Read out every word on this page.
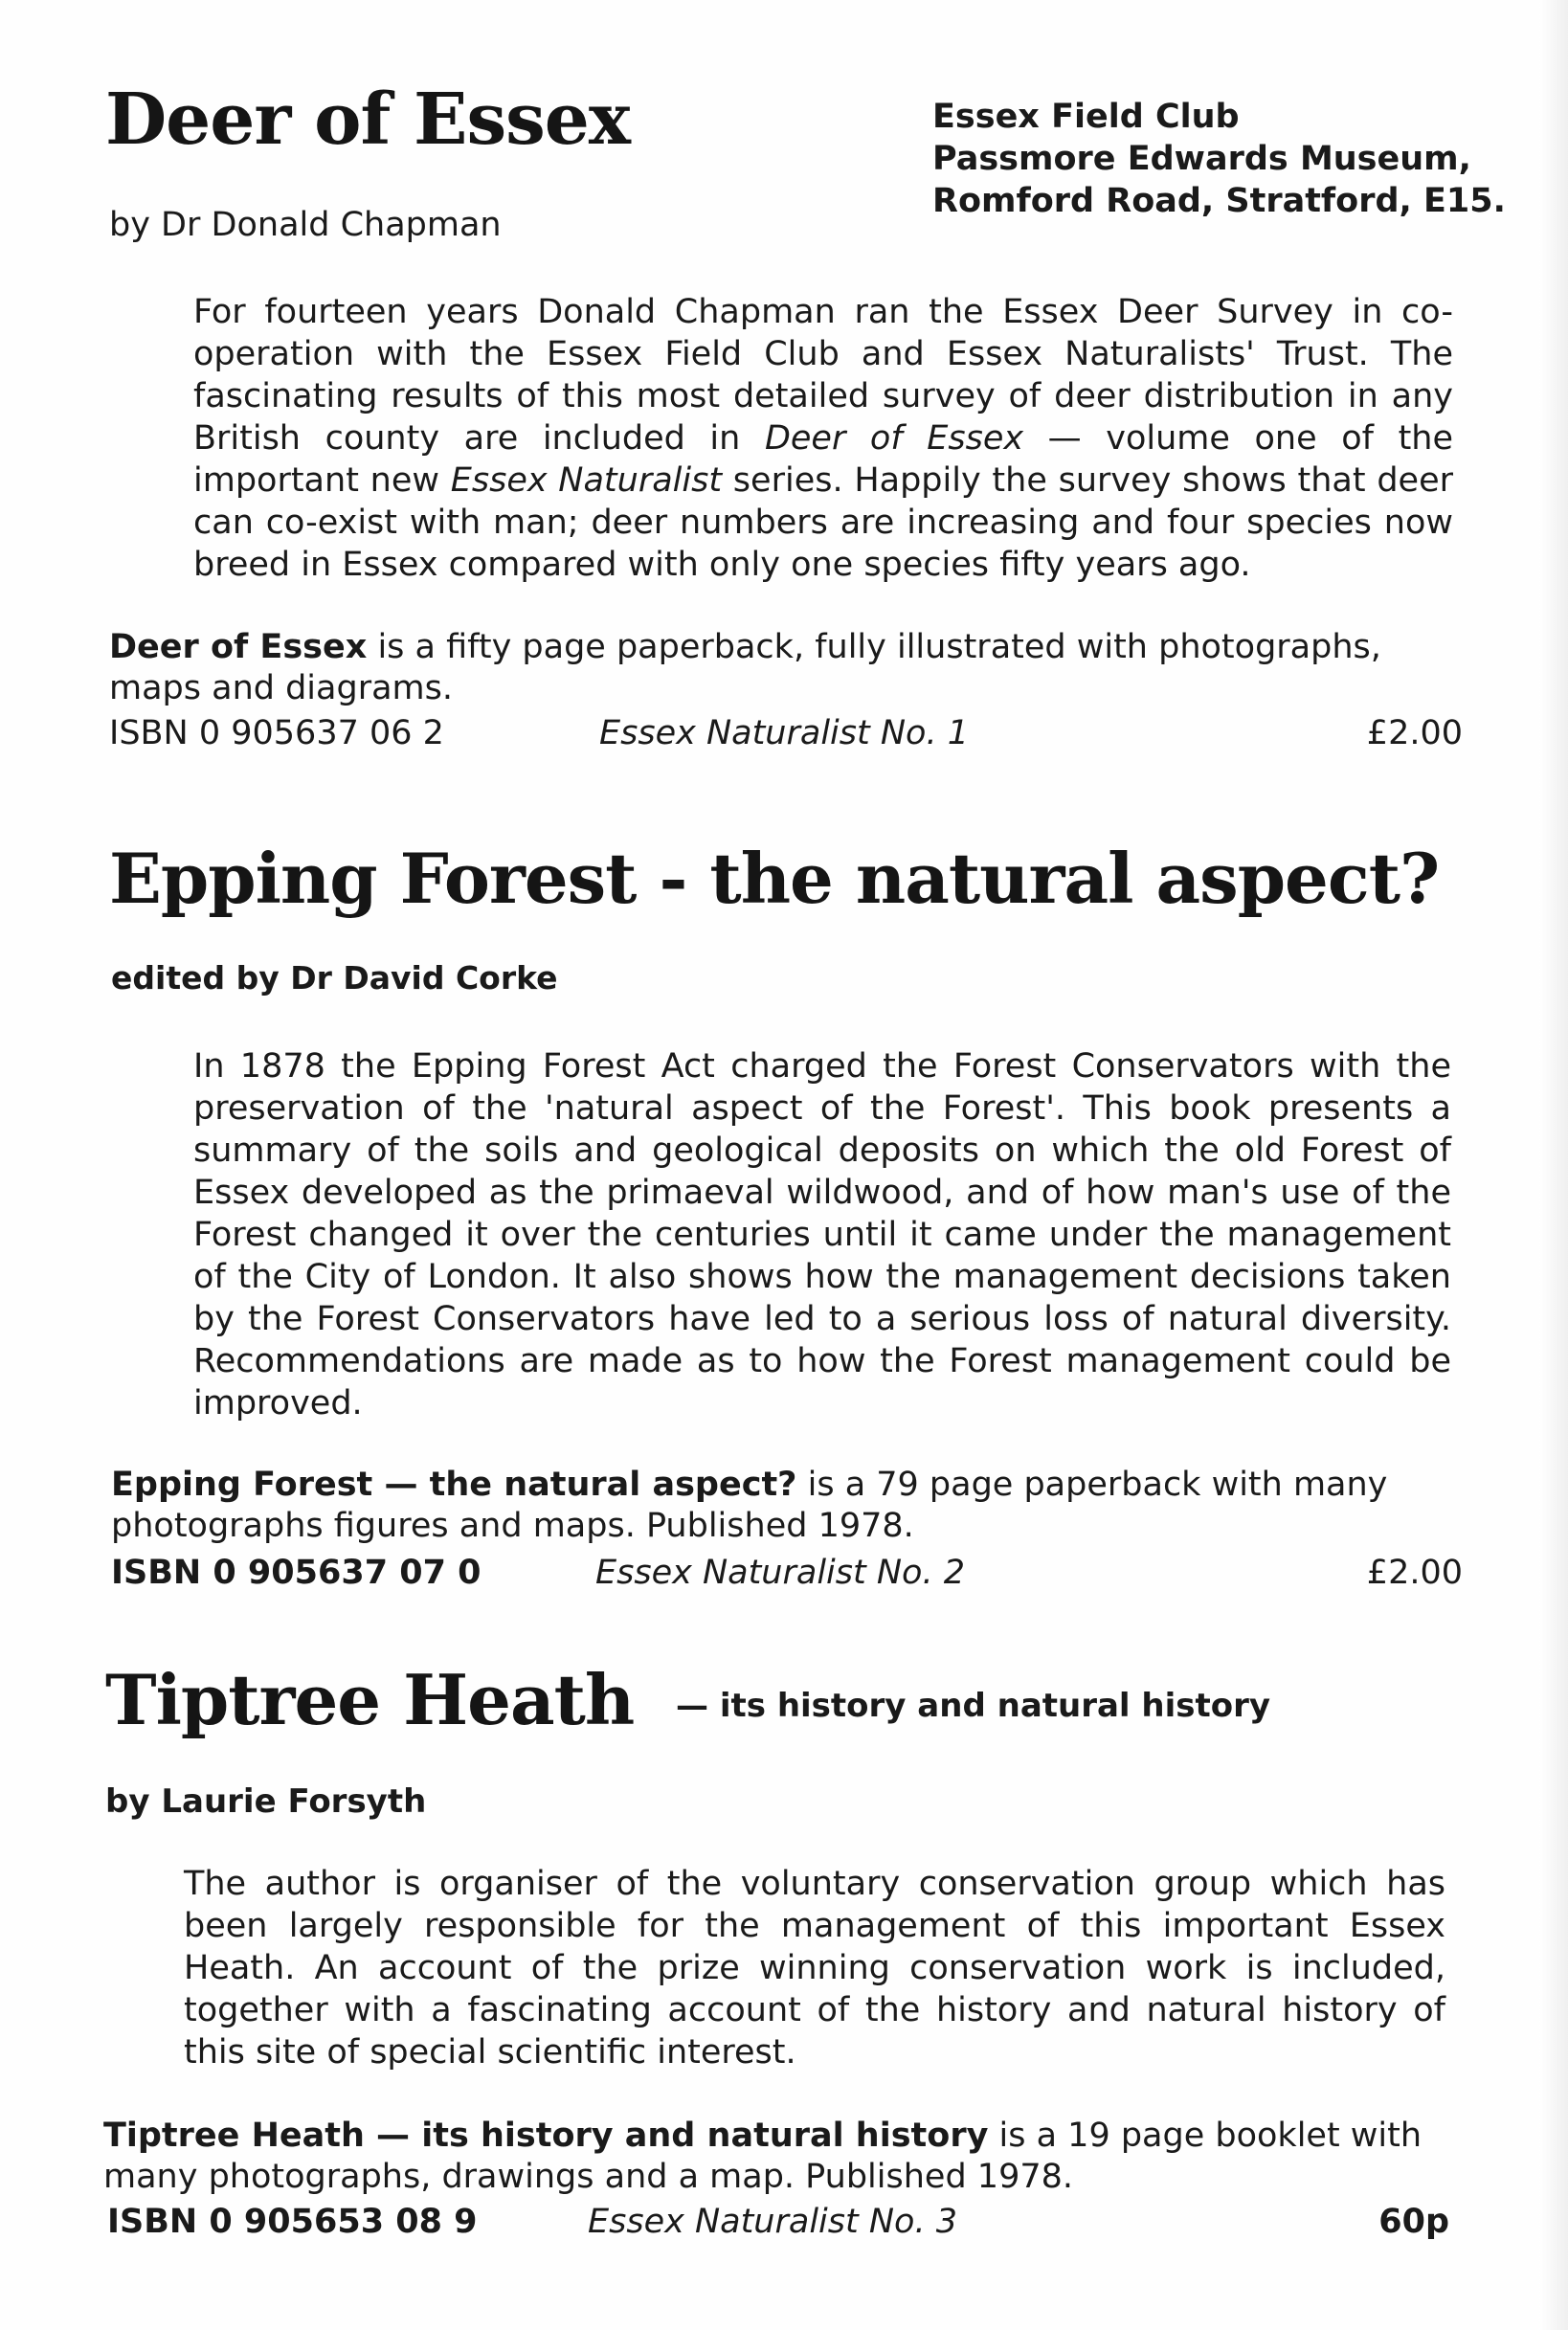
Deer of Essex	Essex Field Club
Passmore Edwards Museum,
Romford Road, Stratford, E15.
by Dr Donald Chapman

For fourteen years Donald Chapman ran the Essex Deer Survey in co-operation with the Essex Field Club and Essex Naturalists' Trust. The fascinating results of this most detailed survey of deer distribution in any British county are included in Deer of Essex — volume one of the important new Essex Naturalist series. Happily the survey shows that deer can co-exist with man; deer numbers are increasing and four species now breed in Essex compared with only one species fifty years ago.

Deer of Essex is a fifty page paperback, fully illustrated with photographs, maps and diagrams.

ISBN 0 905637 06 2	Essex Naturalist No. 1	£2.00
Epping Forest - the natural aspect?
edited by Dr David Corke

In 1878 the Epping Forest Act charged the Forest Conservators with the preservation of the 'natural aspect of the Forest'. This book presents a summary of the soils and geological deposits on which the old Forest of Essex developed as the primaeval wildwood, and of how man's use of the Forest changed it over the centuries until it came under the management of the City of London. It also shows how the management decisions taken by the Forest Conservators have led to a serious loss of natural diversity. Recommendations are made as to how the Forest management could be improved.

Epping Forest — the natural aspect? is a 79 page paperback with many photographs figures and maps. Published 1978.

ISBN 0 905637 07 0	Essex Naturalist No. 2	£2.00
Tiptree Heath — its history and natural history
by Laurie Forsyth

The author is organiser of the voluntary conservation group which has been largely responsible for the management of this important Essex Heath. An account of the prize winning conservation work is included, together with a fascinating account of the history and natural history of this site of special scientific interest.

Tiptree Heath — its history and natural history is a 19 page booklet with many photographs, drawings and a map. Published 1978.

ISBN 0 905653 08 9	Essex Naturalist No. 3	60p
